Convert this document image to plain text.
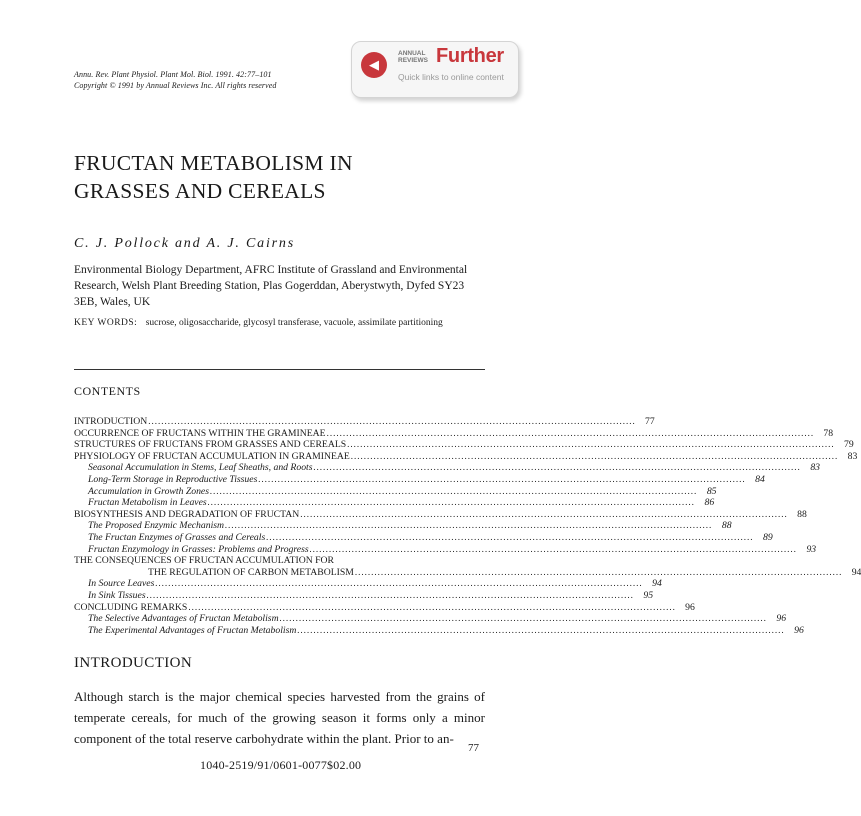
Annu. Rev. Plant Physiol. Plant Mol. Biol. 1991. 42:77–101
Copyright © 1991 by Annual Reviews Inc. All rights reserved
◀
ANNUAL
REVIEWS Further
Quick links to online content
FRUCTAN METABOLISM IN
GRASSES AND CEREALS
C. J. Pollock and A. J. Cairns
Environmental Biology Department, AFRC Institute of Grassland and Environmental Research, Welsh Plant Breeding Station, Plas Gogerddan, Aberystwyth, Dyfed SY23 3EB, Wales, UK
KEY WORDS: sucrose, oligosaccharide, glycosyl transferase, vacuole, assimilate partitioning
CONTENTS
INTRODUCTION ...................................................................................................................................................... 77
OCCURRENCE OF FRUCTANS WITHIN THE GRAMINEAE ...................................................................................................................................................... 78
STRUCTURES OF FRUCTANS FROM GRASSES AND CEREALS ...................................................................................................................................................... 79
PHYSIOLOGY OF FRUCTAN ACCUMULATION IN GRAMINEAE ...................................................................................................................................................... 83
Seasonal Accumulation in Stems, Leaf Sheaths, and Roots ...................................................................................................................................................... 83
Long-Term Storage in Reproductive Tissues ...................................................................................................................................................... 84
Accumulation in Growth Zones ...................................................................................................................................................... 85
Fructan Metabolism in Leaves ...................................................................................................................................................... 86
BIOSYNTHESIS AND DEGRADATION OF FRUCTAN ...................................................................................................................................................... 88
The Proposed Enzymic Mechanism ...................................................................................................................................................... 88
The Fructan Enzymes of Grasses and Cereals ...................................................................................................................................................... 89
Fructan Enzymology in Grasses: Problems and Progress ...................................................................................................................................................... 93
THE CONSEQUENCES OF FRUCTAN ACCUMULATION FOR
THE REGULATION OF CARBON METABOLISM ...................................................................................................................................................... 94
In Source Leaves ...................................................................................................................................................... 94
In Sink Tissues ...................................................................................................................................................... 95
CONCLUDING REMARKS ...................................................................................................................................................... 96
The Selective Advantages of Fructan Metabolism ...................................................................................................................................................... 96
The Experimental Advantages of Fructan Metabolism ...................................................................................................................................................... 96
INTRODUCTION
Although starch is the major chemical species harvested from the grains of temperate cereals, for much of the growing season it forms only a minor component of the total reserve carbohydrate within the plant. Prior to an-
77
1040-2519/91/0601-0077$02.00
